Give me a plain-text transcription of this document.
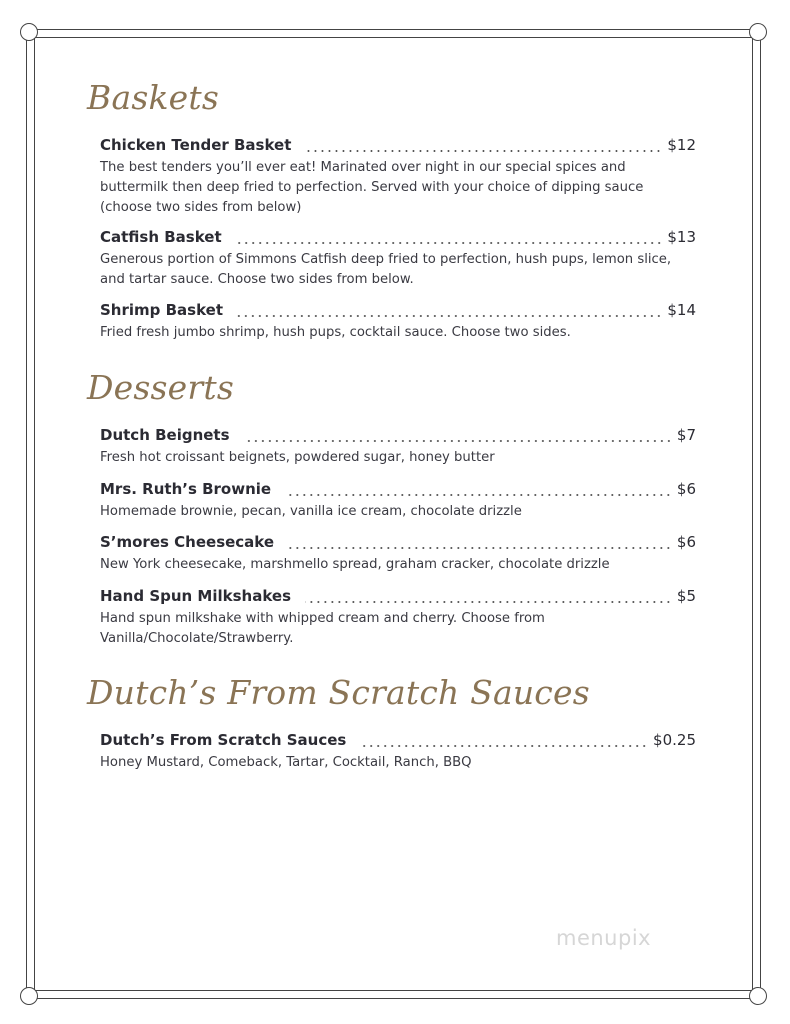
Baskets
Chicken Tender Basket	$12
The best tenders you’ll ever eat! Marinated over night in our special spices and buttermilk then deep fried to perfection. Served with your choice of dipping sauce (choose two sides from below)
Catfish Basket	$13
Generous portion of Simmons Catfish deep fried to perfection, hush pups, lemon slice, and tartar sauce. Choose two sides from below.
Shrimp Basket	$14
Fried fresh jumbo shrimp, hush pups, cocktail sauce. Choose two sides.
Desserts
Dutch Beignets	$7
Fresh hot croissant beignets, powdered sugar, honey butter
Mrs. Ruth’s Brownie	$6
Homemade brownie, pecan, vanilla ice cream, chocolate drizzle
S’mores Cheesecake	$6
New York cheesecake, marshmello spread, graham cracker, chocolate drizzle
Hand Spun Milkshakes	$5
Hand spun milkshake with whipped cream and cherry. Choose from Vanilla/Chocolate/Strawberry.
Dutch’s From Scratch Sauces
Dutch’s From Scratch Sauces	$0.25
Honey Mustard, Comeback, Tartar, Cocktail, Ranch, BBQ
menupix
